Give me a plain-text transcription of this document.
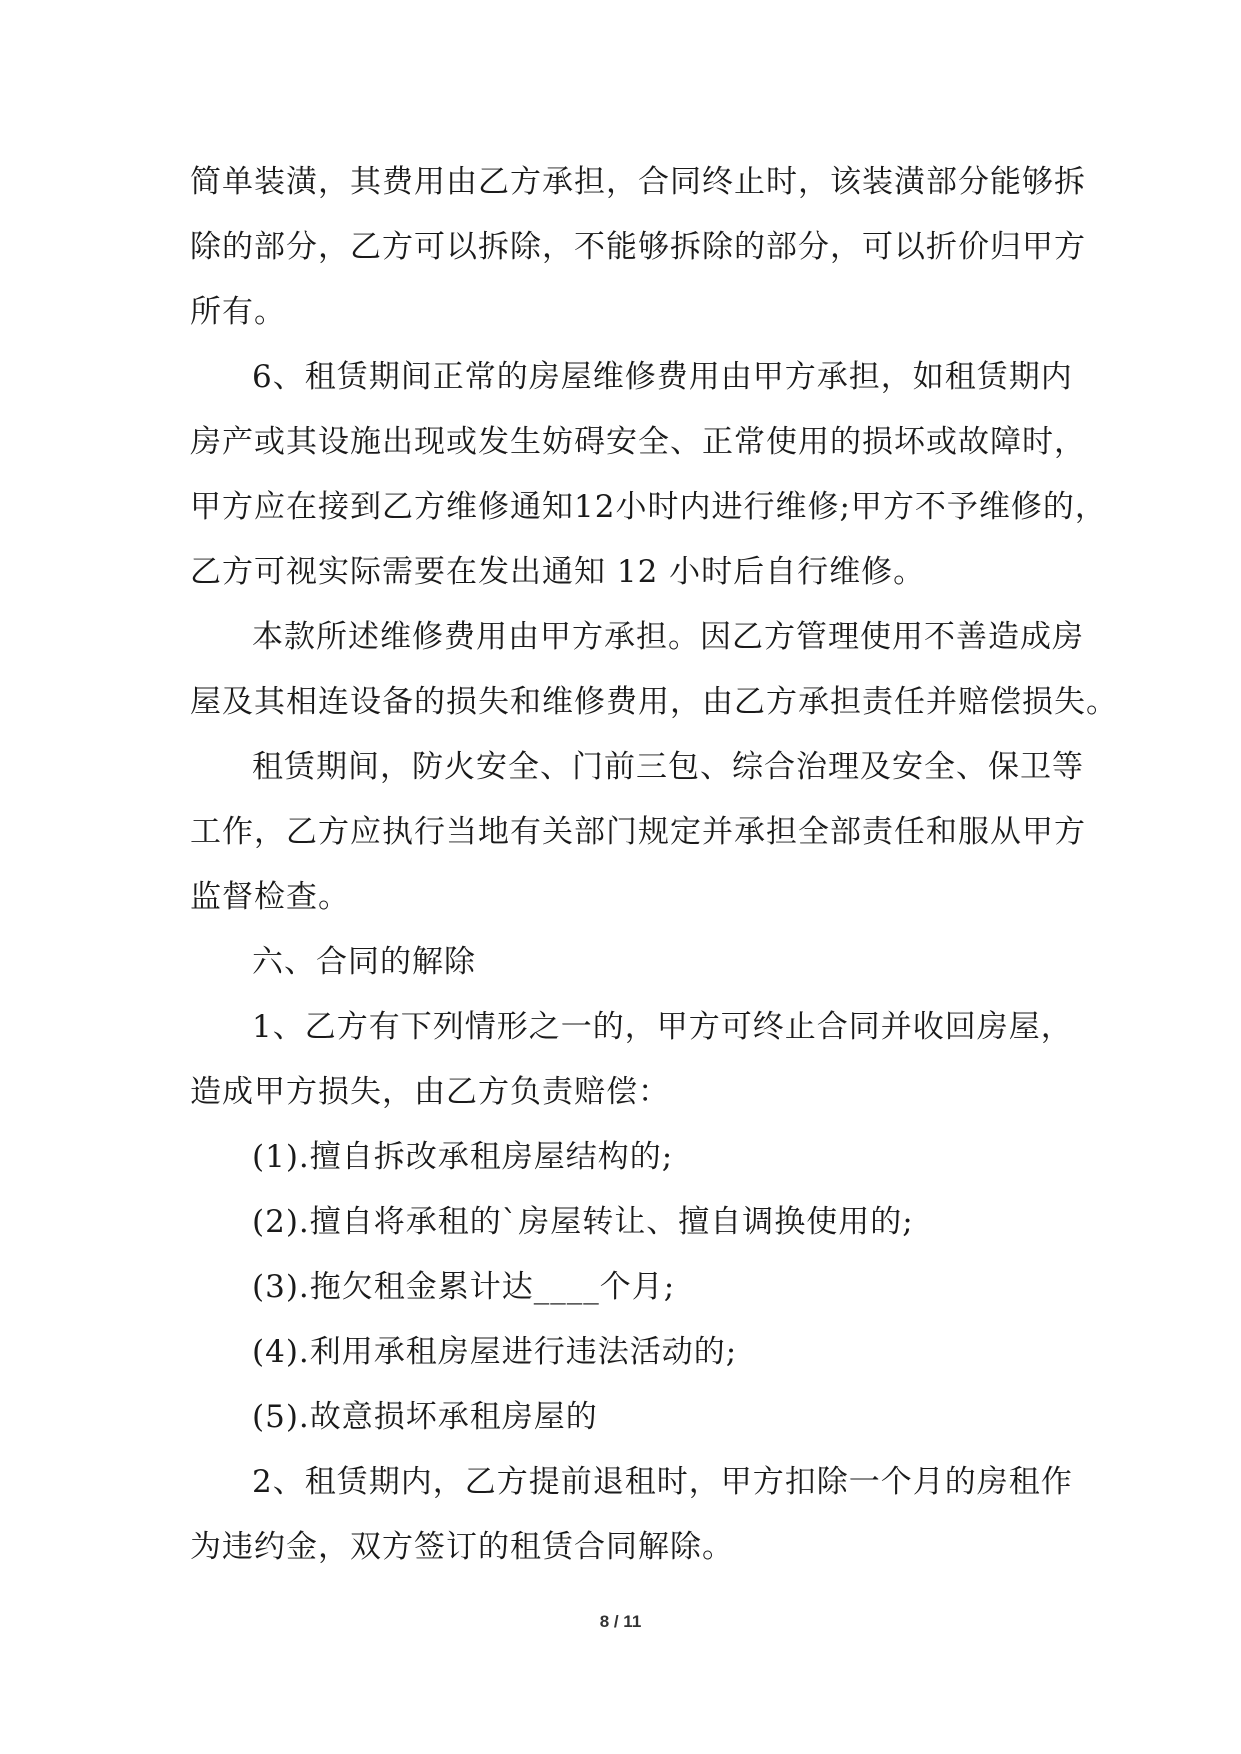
简单装潢，其费用由乙方承担，合同终止时，该装潢部分能够拆
除的部分，乙方可以拆除，不能够拆除的部分，可以折价归甲方
所有。

6、租赁期间正常的房屋维修费用由甲方承担，如租赁期内
房产或其设施出现或发生妨碍安全、正常使用的损坏或故障时，
甲方应在接到乙方维修通知12小时内进行维修;甲方不予维修的，
乙方可视实际需要在发出通知 12 小时后自行维修。

本款所述维修费用由甲方承担。因乙方管理使用不善造成房
屋及其相连设备的损失和维修费用，由乙方承担责任并赔偿损失。

租赁期间，防火安全、门前三包、综合治理及安全、保卫等
工作，乙方应执行当地有关部门规定并承担全部责任和服从甲方
监督检查。

六、合同的解除

1、乙方有下列情形之一的，甲方可终止合同并收回房屋，
造成甲方损失，由乙方负责赔偿：

(1).擅自拆改承租房屋结构的;

(2).擅自将承租的`房屋转让、擅自调换使用的;

(3).拖欠租金累计达____个月;

(4).利用承租房屋进行违法活动的;

(5).故意损坏承租房屋的

2、租赁期内，乙方提前退租时，甲方扣除一个月的房租作
为违约金，双方签订的租赁合同解除。

8 / 11
